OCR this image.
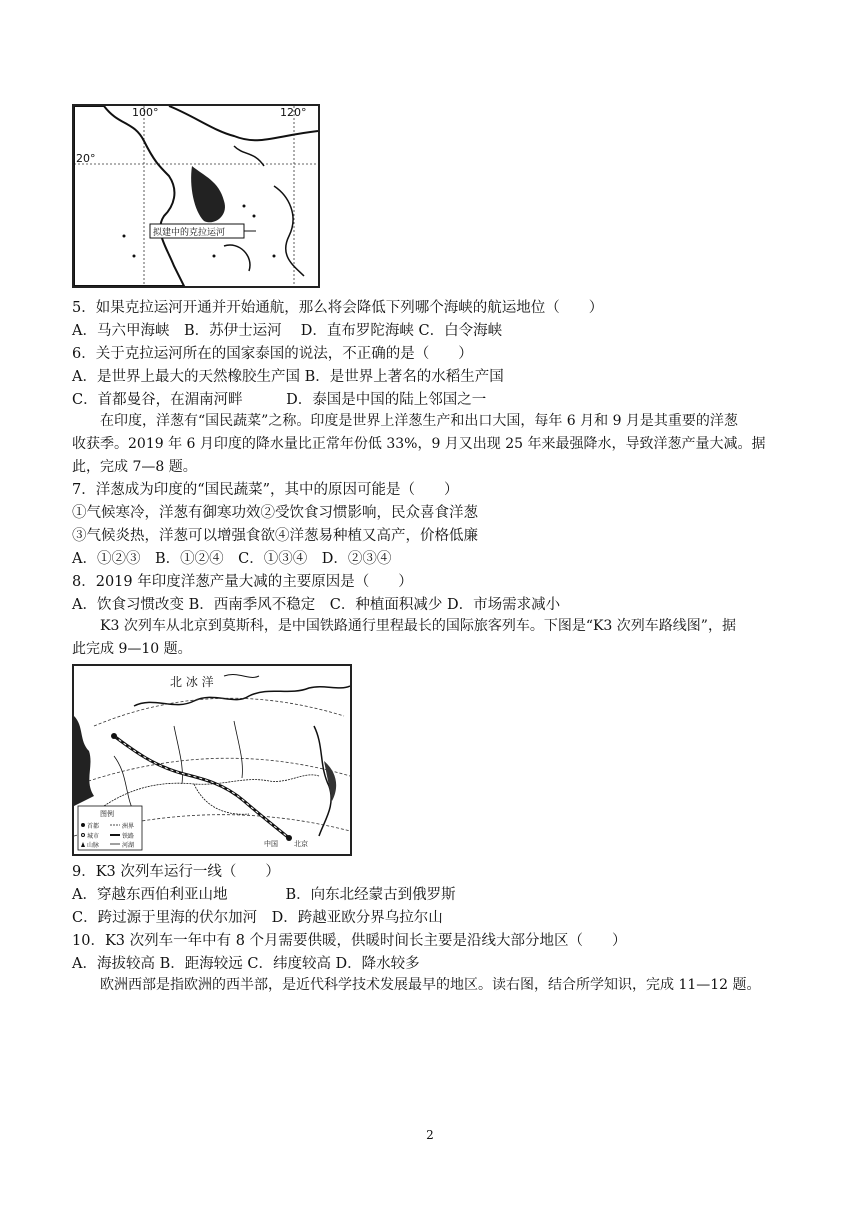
拟建中的克拉运河
100°	120°
20°
5．如果克拉运河开通并开始通航，那么将会降低下列哪个海峡的航运地位（　　）
A．马六甲海峡　B．苏伊士运河　 D．直布罗陀海峡 C．白令海峡
6．关于克拉运河所在的国家泰国的说法，不正确的是（　　）
A．是世界上最大的天然橡胶生产国 B．是世界上著名的水稻生产国
C．首都曼谷，在湄南河畔　　　D．泰国是中国的陆上邻国之一
在印度，洋葱有“国民蔬菜”之称。印度是世界上洋葱生产和出口大国，每年 6 月和 9 月是其重要的洋葱
收获季。2019 年 6 月印度的降水量比正常年份低 33%，9 月又出现 25 年来最强降水，导致洋葱产量大减。据
此，完成 7—8 题。
7．洋葱成为印度的“国民蔬菜”，其中的原因可能是（　　）
①气候寒冷，洋葱有御寒功效②受饮食习惯影响，民众喜食洋葱
③气候炎热，洋葱可以增强食欲④洋葱易种植又高产，价格低廉
A．①②③　B．①②④　C．①③④　D．②③④
8．2019 年印度洋葱产量大减的主要原因是（　　）
A．饮食习惯改变 B．西南季风不稳定　C．种植面积减少 D．市场需求减小
K3 次列车从北京到莫斯科，是中国铁路通行里程最长的国际旅客列车。下图是“K3 次列车路线图”，据
此完成 9—10 题。
图例
首都	洲界
城市	铁路
山脉	河湖
北 冰 洋
中国 北京
9．K3 次列车运行一线（　　）
A．穿越东西伯利亚山地　　　　B．向东北经蒙古到俄罗斯
C．跨过源于里海的伏尔加河　D．跨越亚欧分界乌拉尔山
10．K3 次列车一年中有 8 个月需要供暖，供暖时间长主要是沿线大部分地区（　　）
A．海拔较高 B．距海较远 C．纬度较高 D．降水较多
欧洲西部是指欧洲的西半部，是近代科学技术发展最早的地区。读右图，结合所学知识，完成 11—12 题。
2
